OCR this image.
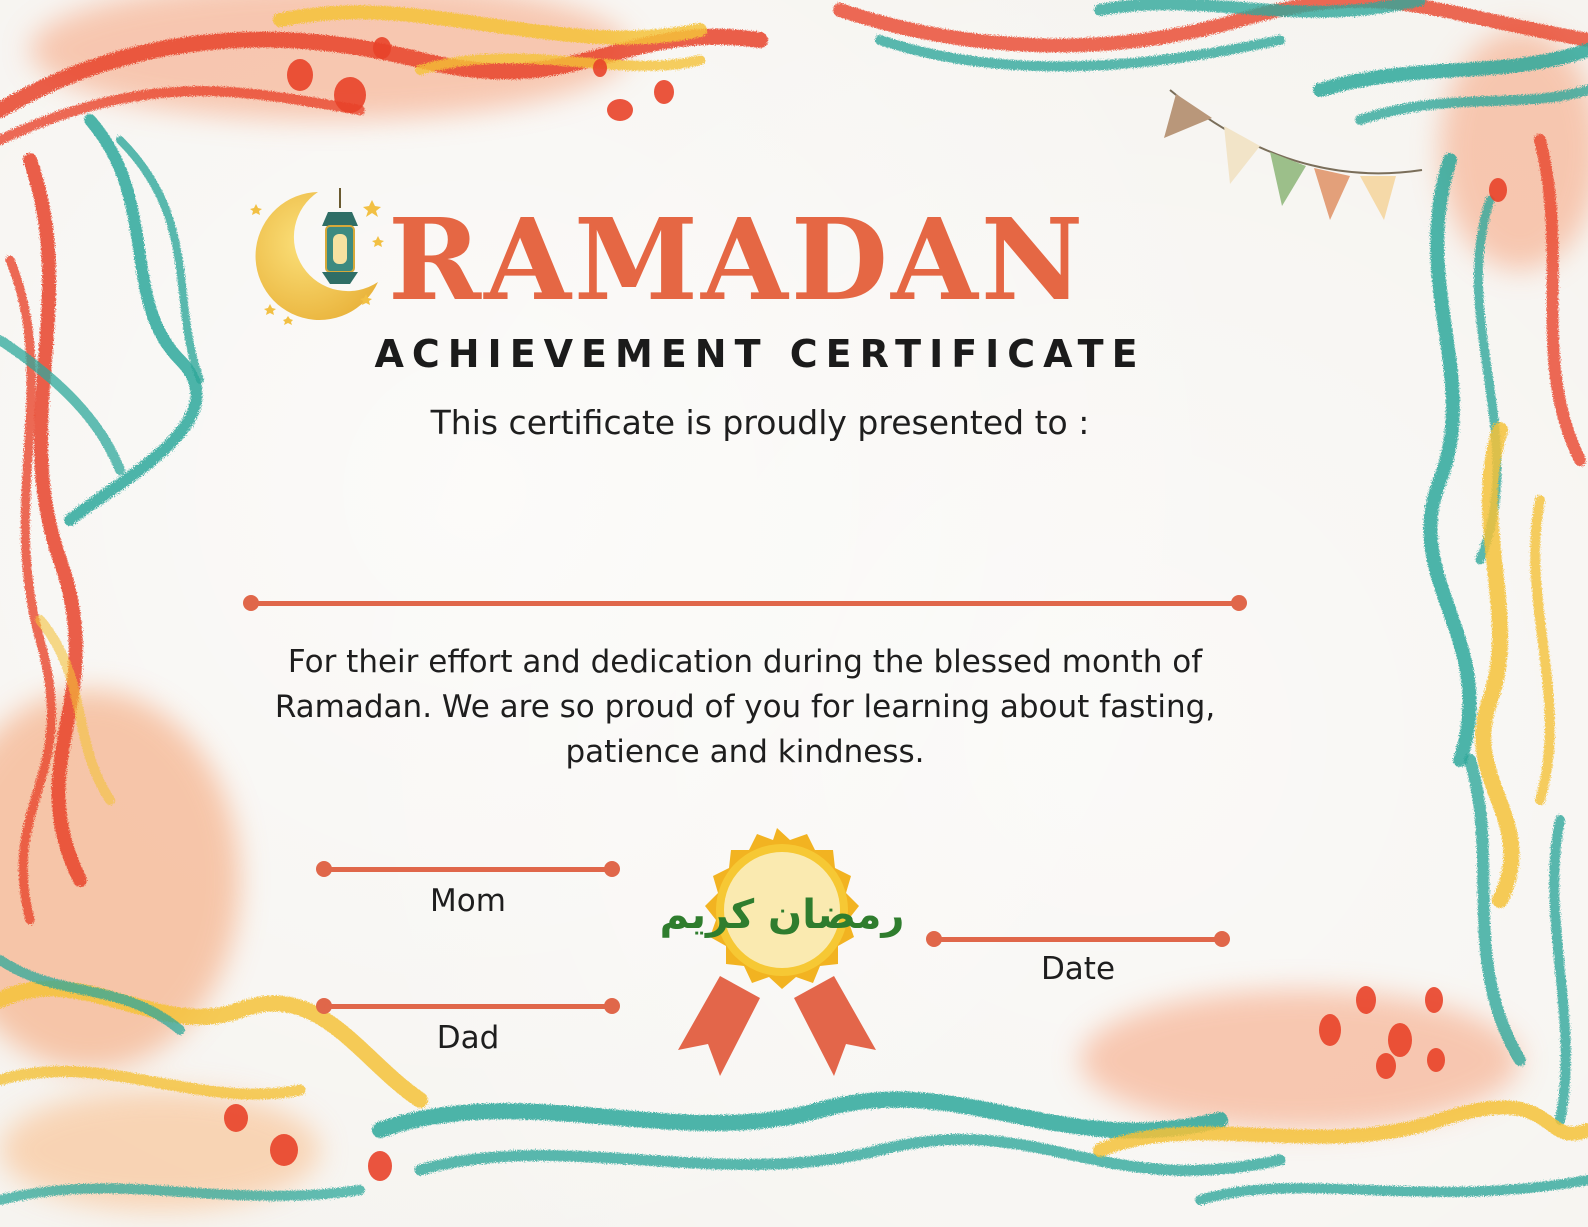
RAMADAN
ACHIEVEMENT CERTIFICATE
This certificate is proudly presented to :
For their effort and dedication during the blessed month of Ramadan. We are so proud of you for learning about fasting, patience and kindness.
Mom
Dad
Date
رمضان كريم
